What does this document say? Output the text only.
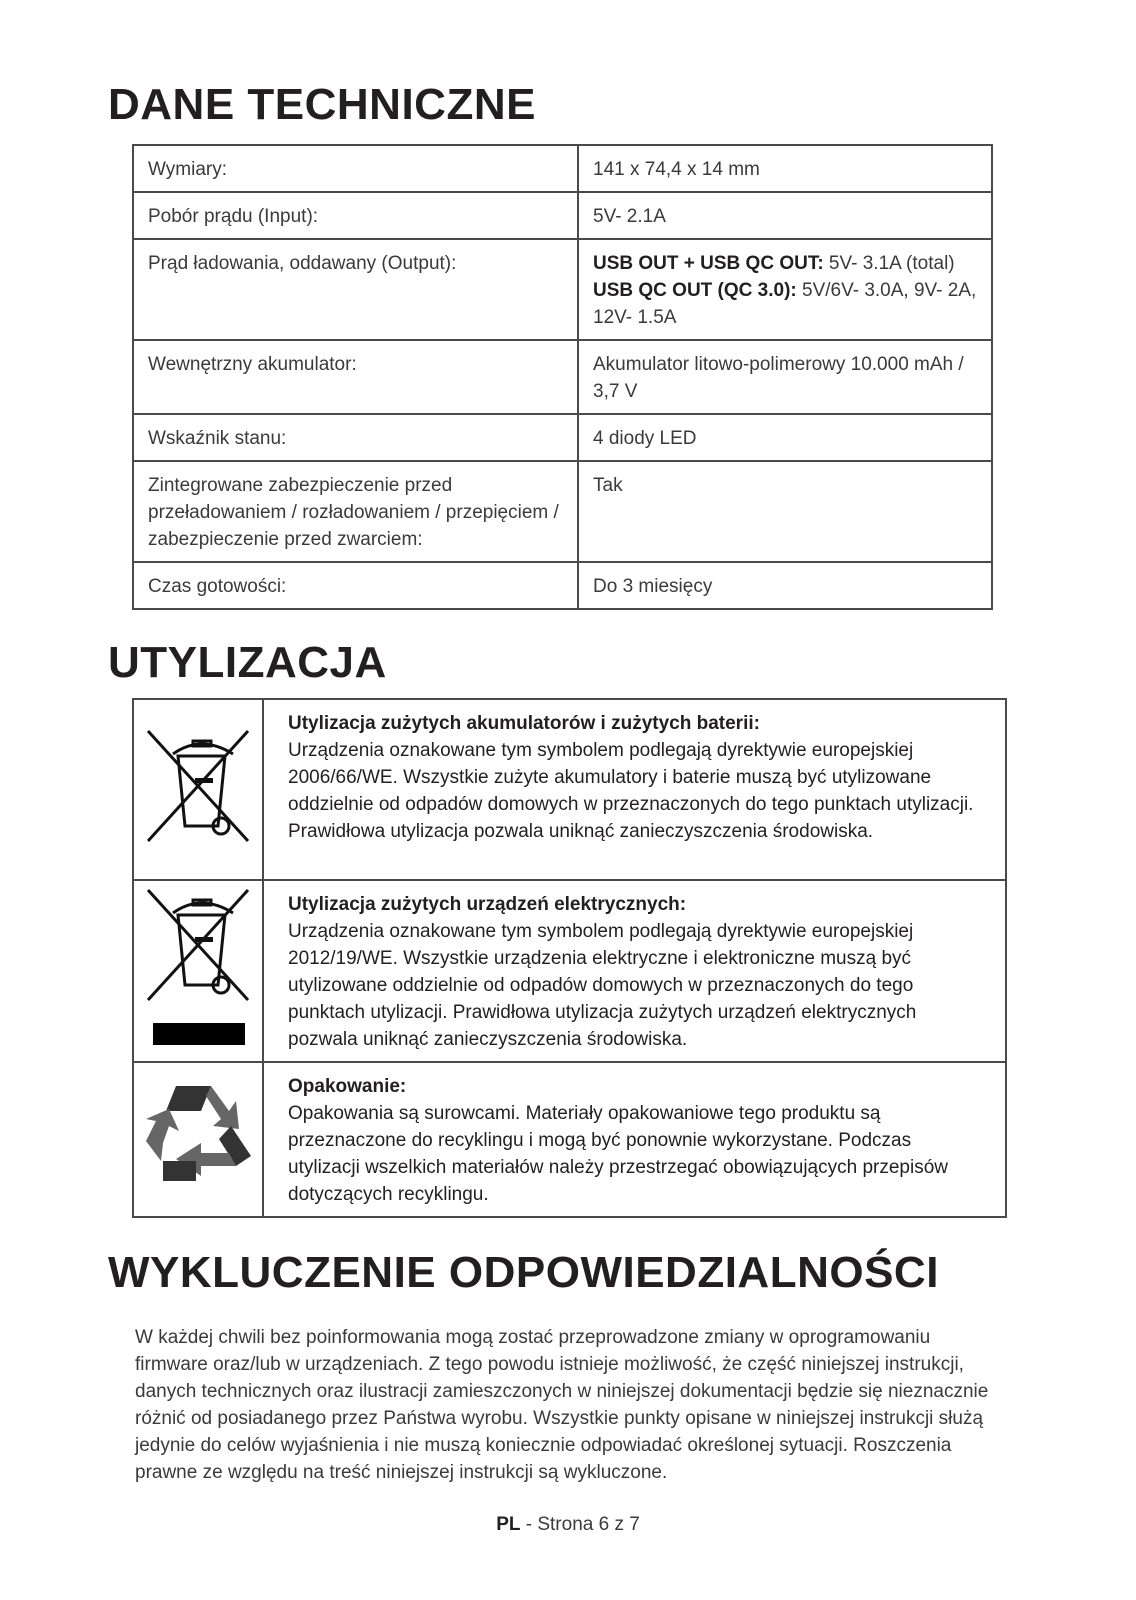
DANE TECHNICZNE
Wymiary:	141 x 74,4 x 14 mm
Pobór prądu (Input):	5V- 2.1A
Prąd ładowania, oddawany (Output):	USB OUT + USB QC OUT: 5V- 3.1A (total)
USB QC OUT (QC 3.0): 5V/6V- 3.0A, 9V- 2A, 12V- 1.5A
Wewnętrzny akumulator:	Akumulator litowo-polimerowy 10.000 mAh / 3,7 V
Wskaźnik stanu:	4 diody LED
Zintegrowane zabezpieczenie przed przeładowaniem / rozładowaniem / przepięciem / zabezpieczenie przed zwarciem:	Tak
Czas gotowości:	Do 3 miesięcy
UTYLIZACJA
	Utylizacja zużytych akumulatorów i zużytych baterii:
Urządzenia oznakowane tym symbolem podlegają dyrektywie europejskiej 2006/66/WE. Wszystkie zużyte akumulatory i baterie muszą być utylizowane oddzielnie od odpadów domowych w przeznaczonych do tego punktach utylizacji. Prawidłowa utylizacja pozwala uniknąć zanieczyszczenia środowiska.
	Utylizacja zużytych urządzeń elektrycznych:
Urządzenia oznakowane tym symbolem podlegają dyrektywie europejskiej 2012/19/WE. Wszystkie urządzenia elektryczne i elektroniczne muszą być utylizowane oddzielnie od odpadów domowych w przeznaczonych do tego punktach utylizacji. Prawidłowa utylizacja zużytych urządzeń elektrycznych pozwala uniknąć zanieczyszczenia środowiska.
	Opakowanie:
Opakowania są surowcami. Materiały opakowaniowe tego produktu są przeznaczone do recyklingu i mogą być ponownie wykorzystane. Podczas utylizacji wszelkich materiałów należy przestrzegać obowiązujących przepisów dotyczących recyklingu.
WYKLUCZENIE ODPOWIEDZIALNOŚCI
W każdej chwili bez poinformowania mogą zostać przeprowadzone zmiany w oprogramowaniu firmware oraz/lub w urządzeniach. Z tego powodu istnieje możliwość, że część niniejszej instrukcji, danych technicznych oraz ilustracji zamieszczonych w niniejszej dokumentacji będzie się nieznacznie różnić od posiadanego przez Państwa wyrobu. Wszystkie punkty opisane w niniejszej instrukcji służą jedynie do celów wyjaśnienia i nie muszą koniecznie odpowiadać określonej sytuacji. Roszczenia prawne ze względu na treść niniejszej instrukcji są wykluczone.
PL - Strona 6 z 7
